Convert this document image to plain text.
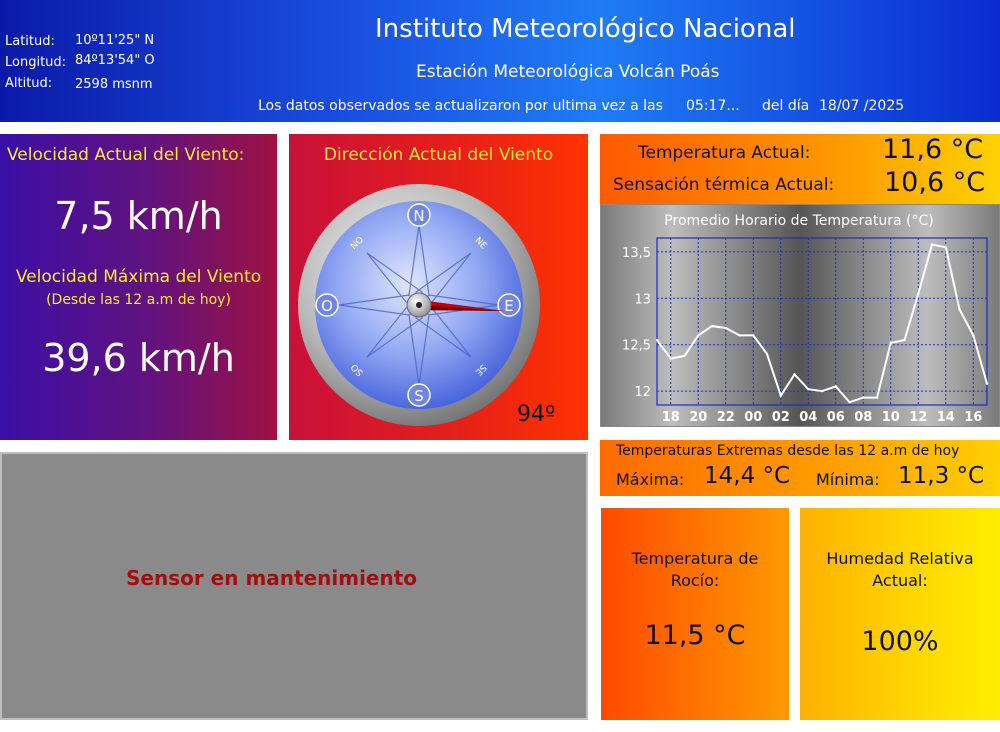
Latitud: 10º11'25" N
Longitud: 84º13'54" O
Altitud: 2598 msnm
Instituto Meteorológico Nacional
Estación Meteorológica Volcán Poás
Los datos observados se actualizaron por ultima vez a las 05:17... del día 18/07 /2025
Velocidad Actual del Viento:
7,5 km/h
Velocidad Máxima del Viento
(Desde las 12 a.m de hoy)
39,6 km/h
Dirección Actual del Viento
N
S
O	E
NE
NO
SE
SO
94º
Temperatura Actual:	11,6 °C
Sensación térmica Actual: 10,6 °C
Promedio Horario de Temperatura (°C)
12
12,5
13
13,5
18 20 22 00 02 04 06 08 10 12 14 16
Temperaturas Extremas desde las 12 a.m de hoy
Máxima: 14,4 °C Mínima: 11,3 °C
Sensor en mantenimiento
Temperatura de Rocío:
11,5 °C
Humedad Relativa Actual:
100%
